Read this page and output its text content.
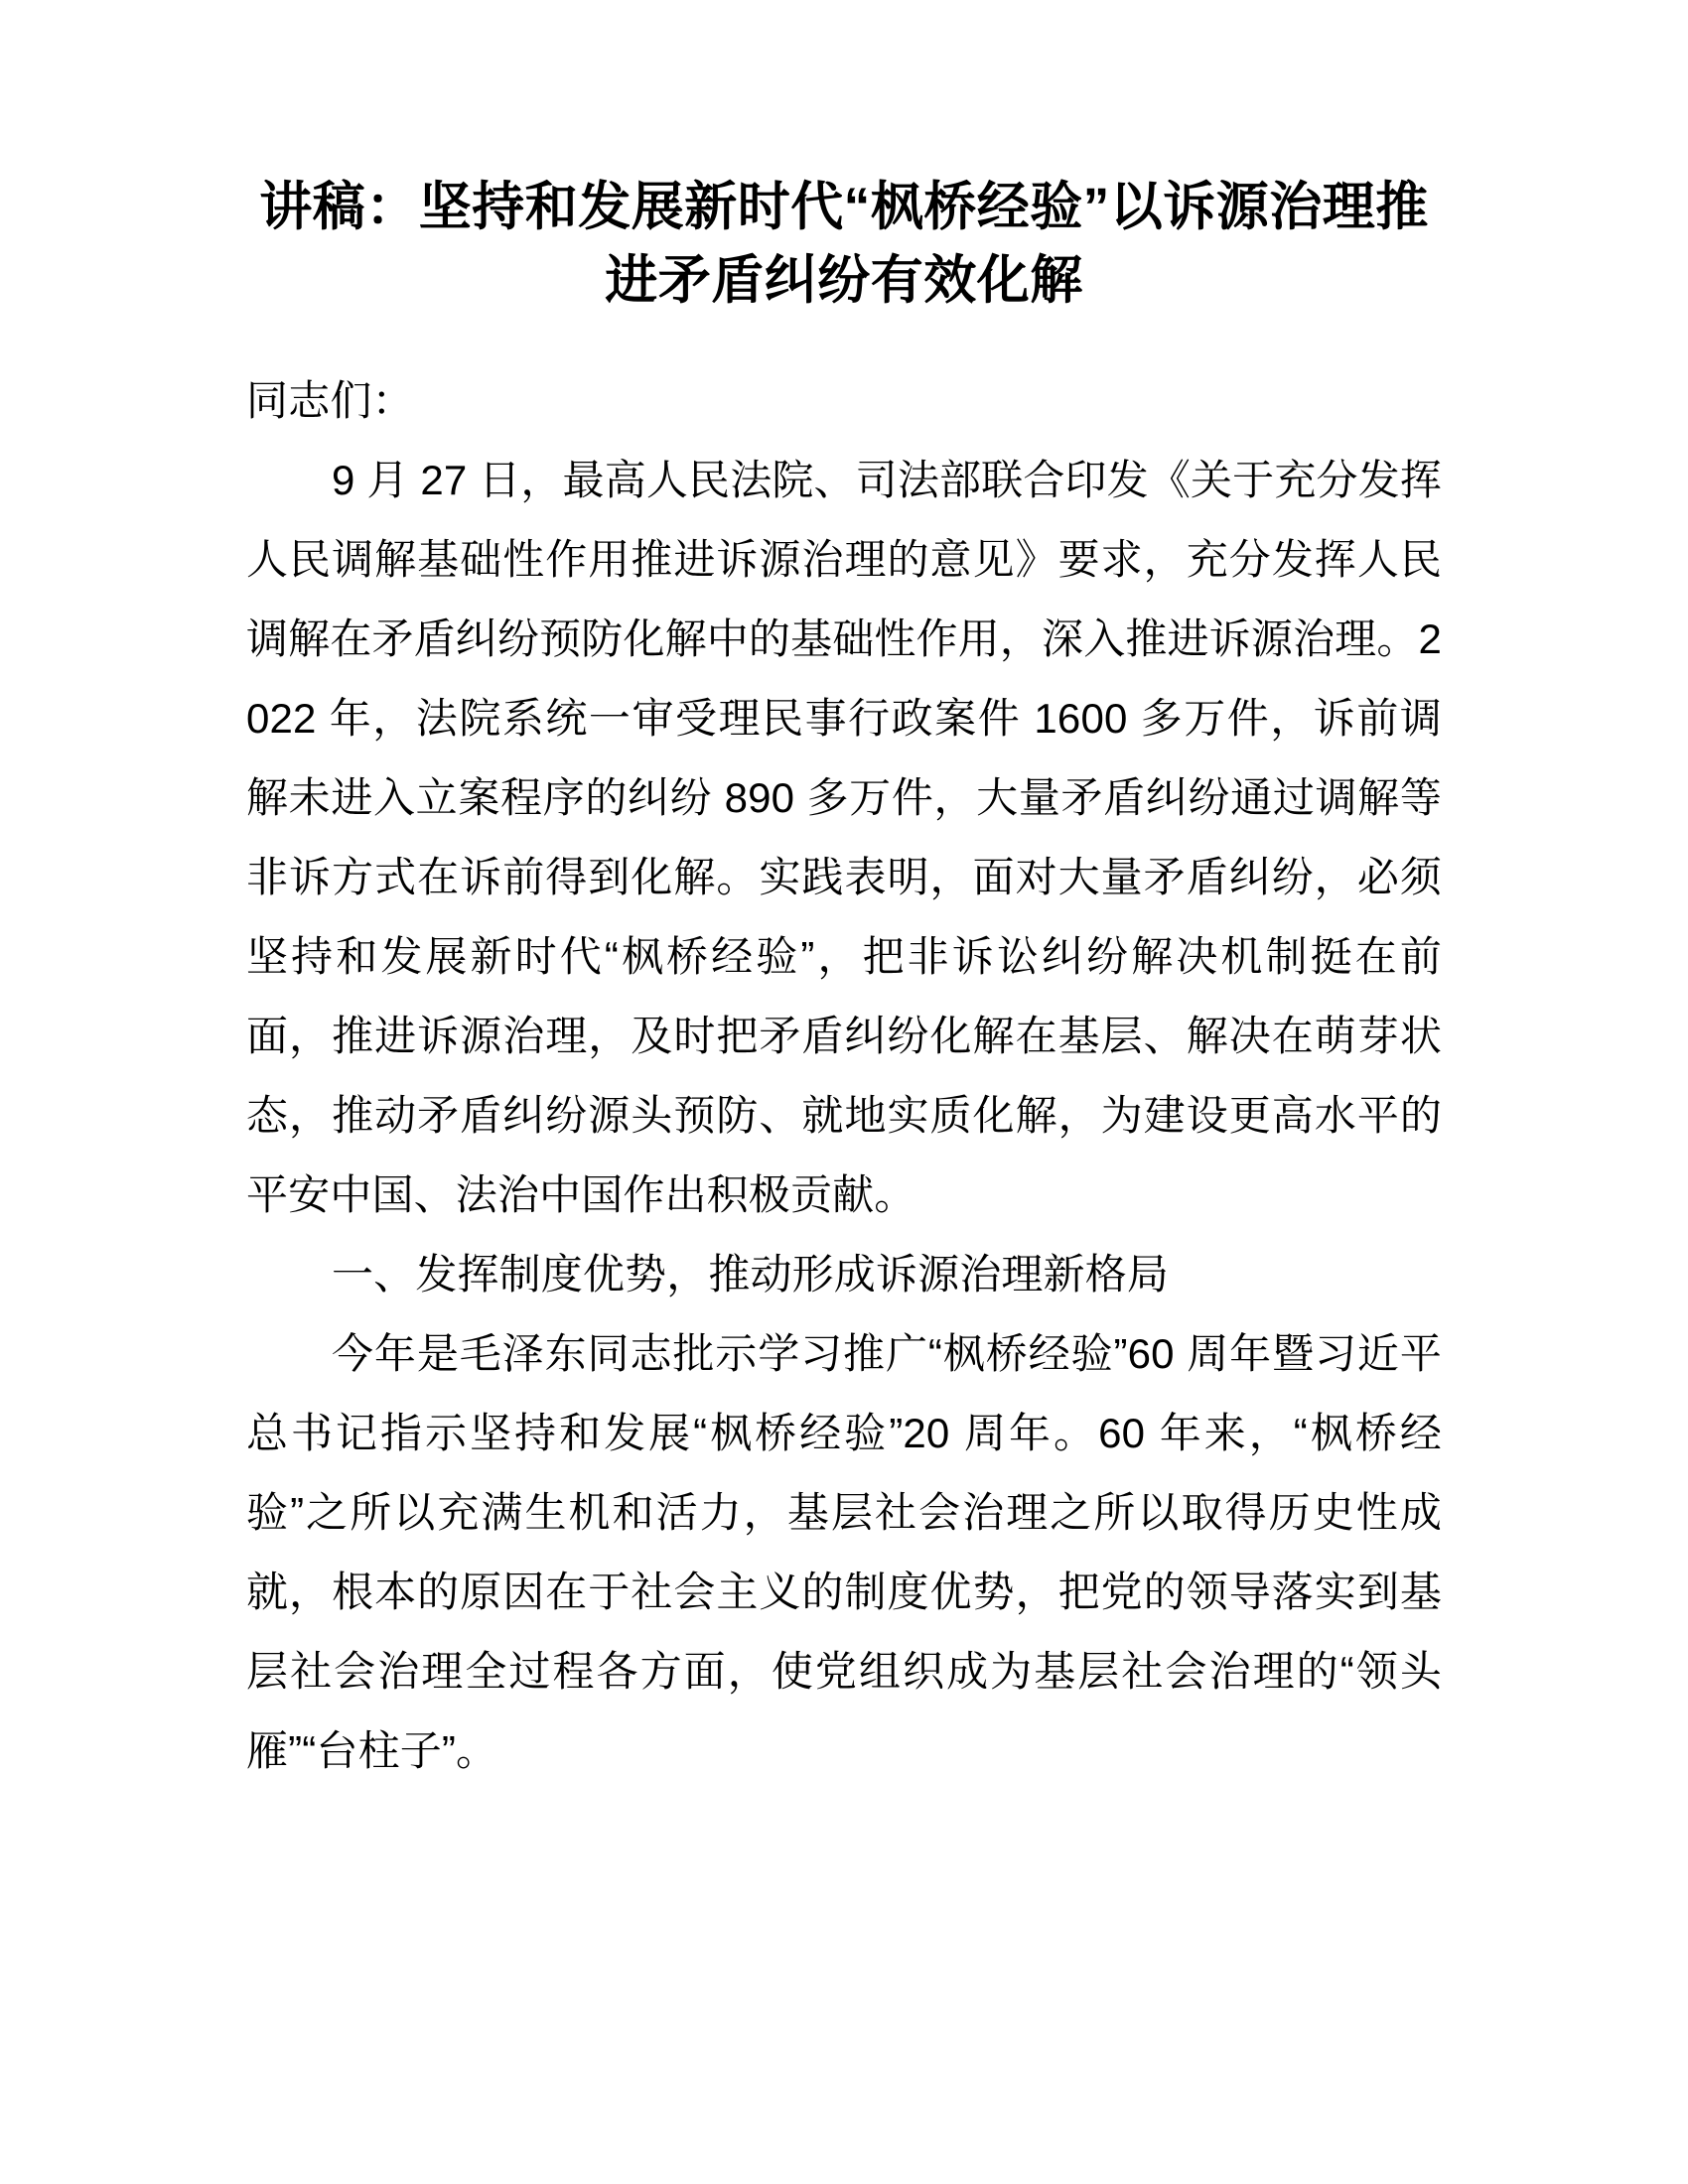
讲稿：坚持和发展新时代“枫桥经验”以诉源治理推进矛盾纠纷有效化解

同志们：

9 月 27 日，最高人民法院、司法部联合印发《关于充分发挥人民调解基础性作用推进诉源治理的意见》要求，充分发挥人民调解在矛盾纠纷预防化解中的基础性作用，深入推进诉源治理。2022 年，法院系统一审受理民事行政案件 1600 多万件，诉前调解未进入立案程序的纠纷 890 多万件，大量矛盾纠纷通过调解等非诉方式在诉前得到化解。实践表明，面对大量矛盾纠纷，必须坚持和发展新时代“枫桥经验”，把非诉讼纠纷解决机制挺在前面，推进诉源治理，及时把矛盾纠纷化解在基层、解决在萌芽状态，推动矛盾纠纷源头预防、就地实质化解，为建设更高水平的平安中国、法治中国作出积极贡献。

一、发挥制度优势，推动形成诉源治理新格局

今年是毛泽东同志批示学习推广“枫桥经验”60 周年暨习近平总书记指示坚持和发展“枫桥经验”20 周年。60 年来，“枫桥经验”之所以充满生机和活力，基层社会治理之所以取得历史性成就，根本的原因在于社会主义的制度优势，把党的领导落实到基层社会治理全过程各方面，使党组织成为基层社会治理的“领头雁”“台柱子”。
